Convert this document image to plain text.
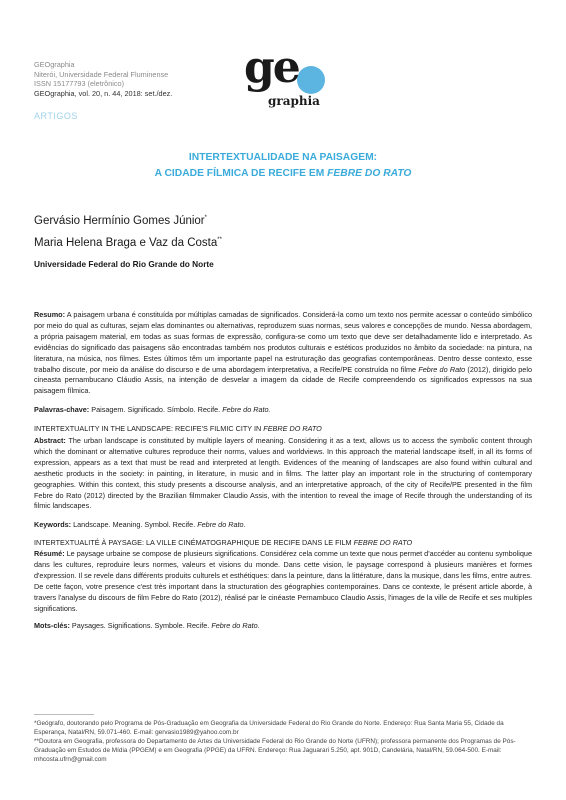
GEOgraphia
Niterói, Universidade Federal Fluminense
ISSN 15177793 (eletrônico)
GEOgraphia, vol. 20, n. 44, 2018: set./dez.
ge
graphia
ARTIGOS
INTERTEXTUALIDADE NA PAISAGEM:
A CIDADE FÍLMICA DE RECIFE EM FEBRE DO RATO
Gervásio Hermínio Gomes Júnior*
Maria Helena Braga e Vaz da Costa**
Universidade Federal do Rio Grande do Norte
Resumo: A paisagem urbana é constituída por múltiplas camadas de significados. Considerá-la como um texto nos permite acessar o conteúdo simbólico por meio do qual as culturas, sejam elas dominantes ou alternativas, reproduzem suas normas, seus valores e concepções de mundo. Nessa abordagem, a própria paisagem material, em todas as suas formas de expressão, configura-se como um texto que deve ser detalhadamente lido e interpretado. As evidências do significado das paisagens são encontradas também nos produtos culturais e estéticos produzidos no âmbito da sociedade: na pintura, na literatura, na música, nos filmes. Estes últimos têm um importante papel na estruturação das geografias contemporâneas. Dentro desse contexto, esse trabalho discute, por meio da análise do discurso e de uma abordagem interpretativa, a Recife/PE construída no filme Febre do Rato (2012), dirigido pelo cineasta pernambucano Cláudio Assis, na intenção de desvelar a imagem da cidade de Recife compreendendo os significados expressos na sua paisagem fílmica.
Palavras-chave: Paisagem. Significado. Símbolo. Recife. Febre do Rato.
INTERTEXTUALITY IN THE LANDSCAPE: RECIFE'S FILMIC CITY IN FEBRE DO RATO
Abstract: The urban landscape is constituted by multiple layers of meaning. Considering it as a text, allows us to access the symbolic content through which the dominant or alternative cultures reproduce their norms, values and worldviews. In this approach the material landscape itself, in all its forms of expression, appears as a text that must be read and interpreted at length. Evidences of the meaning of landscapes are also found within cultural and aesthetic products in the society: in painting, in literature, in music and in films. The latter play an important role in the structuring of contemporary geographies. Within this context, this study presents a discourse analysis, and an interpretative approach, of the city of Recife/PE presented in the film Febre do Rato (2012) directed by the Brazilian filmmaker Claudio Assis, with the intention to reveal the image of Recife through the understanding of its filmic landscapes.
Keywords: Landscape. Meaning. Symbol. Recife. Febre do Rato.
INTERTEXTUALITÉ À PAYSAGE: LA VILLE CINÉMATOGRAPHIQUE DE RECIFE DANS LE FILM FEBRE DO RATO
Résumé: Le paysage urbaine se compose de plusieurs significations. Considérez cela comme un texte que nous permet d'accéder au contenu symbolique dans les cultures, reproduire leurs normes, valeurs et visions du monde. Dans cette vision, le paysage correspond à plusieurs manières et formes d'expression. Il se revele dans différents produits culturels et esthétiques: dans la peinture, dans la littérature, dans la musique, dans les films, entre autres. De cette façon, votre presence c'est très important dans la structuration des géographies contemporaines. Dans ce contexte, le présent article aborde, à travers l'analyse du discours de film Febre do Rato (2012), réalisé par le cinéaste Pernambuco Claudio Assis, l'images de la ville de Recife et ses multiples significations.
Mots-clés: Paysages. Significations. Symbole. Recife. Febre do Rato.
*Geógrafo, doutorando pelo Programa de Pós-Graduação em Geografia da Universidade Federal do Rio Grande do Norte. Endereço: Rua Santa Maria 55, Cidade da Esperança, Natal/RN, 59.071-460. E-mail: gervasio1989@yahoo.com.br
**Doutora em Geografia, professora do Departamento de Artes da Universidade Federal do Rio Grande do Norte (UFRN); professora permanente dos Programas de Pós-Graduação em Estudos de Mídia (PPGEM) e em Geografia (PPGE) da UFRN. Endereço: Rua Jaguarari 5.250, apt. 901D, Candelária, Natal/RN, 59.064-500. E-mail: mhcosta.ufrn@gmail.com
